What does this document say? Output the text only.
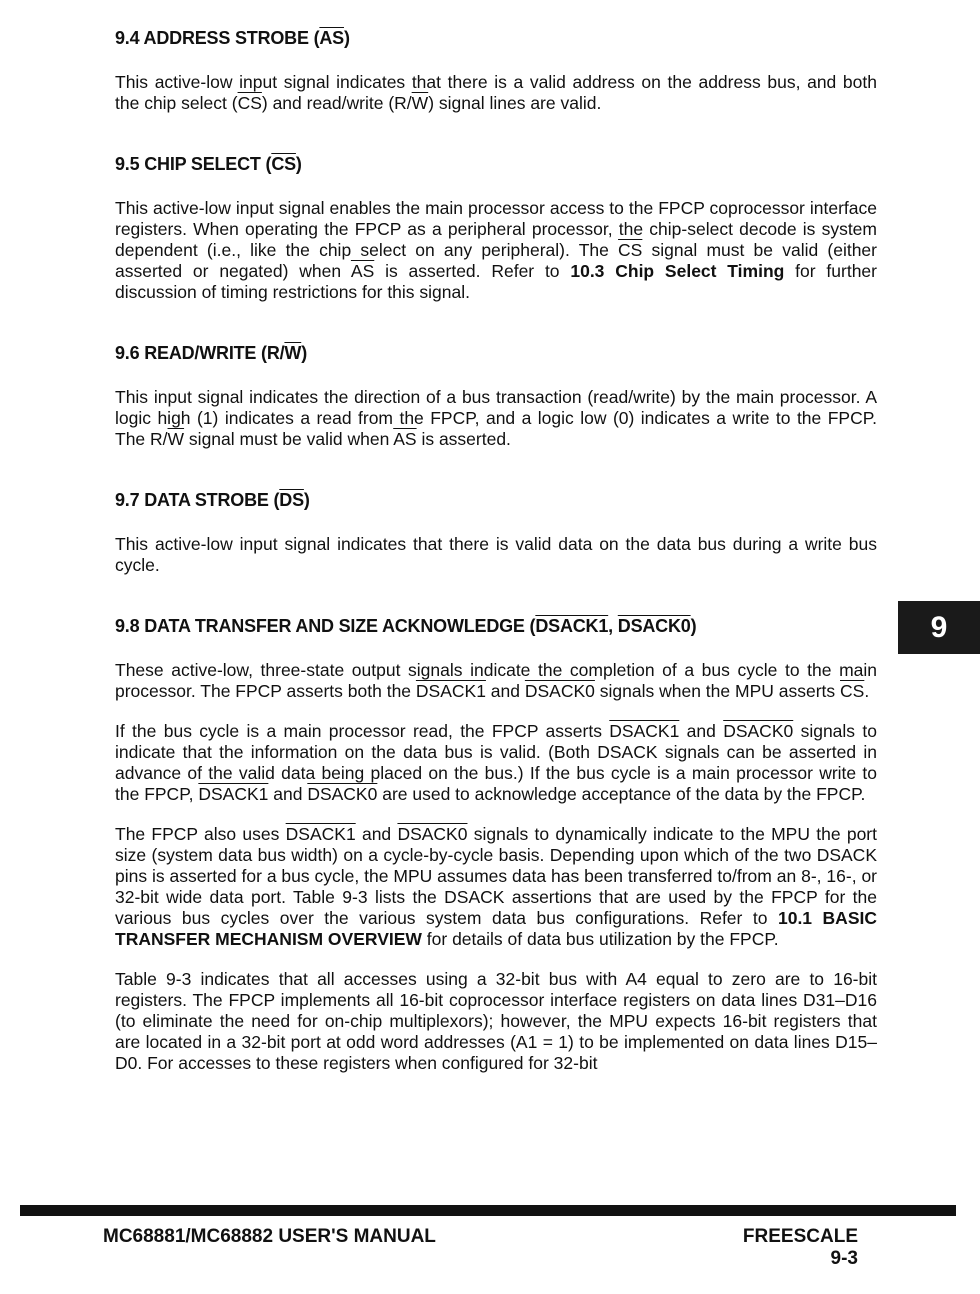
9.4 ADDRESS STROBE $(\overline{AS})$

This active-low input signal indicates that there is a valid address on the address bus, and both the chip select $(\overline{CS})$ and read/write $(R/\overline{W})$ signal lines are valid.

9.5 CHIP SELECT $(\overline{CS})$

This active-low input signal enables the main processor access to the FPCP coprocessor interface registers. When operating the FPCP as a peripheral processor, the chip-select decode is system dependent (i.e., like the chip select on any peripheral). The $\overline{CS}$ signal must be valid (either asserted or negated) when $\overline{AS}$ is asserted. Refer to 10.3 Chip Select Timing for further discussion of timing restrictions for this signal.

9.6 READ/WRITE $(R/\overline{W})$

This input signal indicates the direction of a bus transaction (read/write) by the main processor. A logic high (1) indicates a read from the FPCP, and a logic low (0) indicates a write to the FPCP. The $R/\overline{W}$ signal must be valid when $\overline{AS}$ is asserted.

9.7 DATA STROBE $(\overline{DS})$

This active-low input signal indicates that there is valid data on the data bus during a write bus cycle.

9.8 DATA TRANSFER AND SIZE ACKNOWLEDGE (DSACK1, DSACK0)

These active-low, three-state output signals indicate the completion of a bus cycle to the main processor. The FPCP asserts both the DSACK1 and DSACK0 signals when the MPU asserts $\overline{CS}$.

If the bus cycle is a main processor read, the FPCP asserts DSACK1 and DSACK0 signals to indicate that the information on the data bus is valid. (Both DSACK signals can be asserted in advance of the valid data being placed on the bus.) If the bus cycle is a main processor write to the FPCP, DSACK1 and DSACK0 are used to acknowledge acceptance of the data by the FPCP.

The FPCP also uses DSACK1 and DSACK0 signals to dynamically indicate to the MPU the port size (system data bus width) on a cycle-by-cycle basis. Depending upon which of the two DSACK pins is asserted for a bus cycle, the MPU assumes data has been transferred to/from an 8-, 16-, or 32-bit wide data port. Table 9-3 lists the DSACK assertions that are used by the FPCP for the various bus cycles over the various system data bus configurations. Refer to 10.1 BASIC TRANSFER MECHANISM OVERVIEW for details of data bus utilization by the FPCP.

Table 9-3 indicates that all accesses using a 32-bit bus with A4 equal to zero are to 16-bit registers. The FPCP implements all 16-bit coprocessor interface registers on data lines D31–D16 (to eliminate the need for on-chip multiplexors); however, the MPU expects 16-bit registers that are located in a 32-bit port at odd word addresses (A1 = 1) to be implemented on data lines D15–D0. For accesses to these registers when configured for 32-bit

9
MC68881/MC68882 USER'S MANUAL	FREESCALE
9-3
